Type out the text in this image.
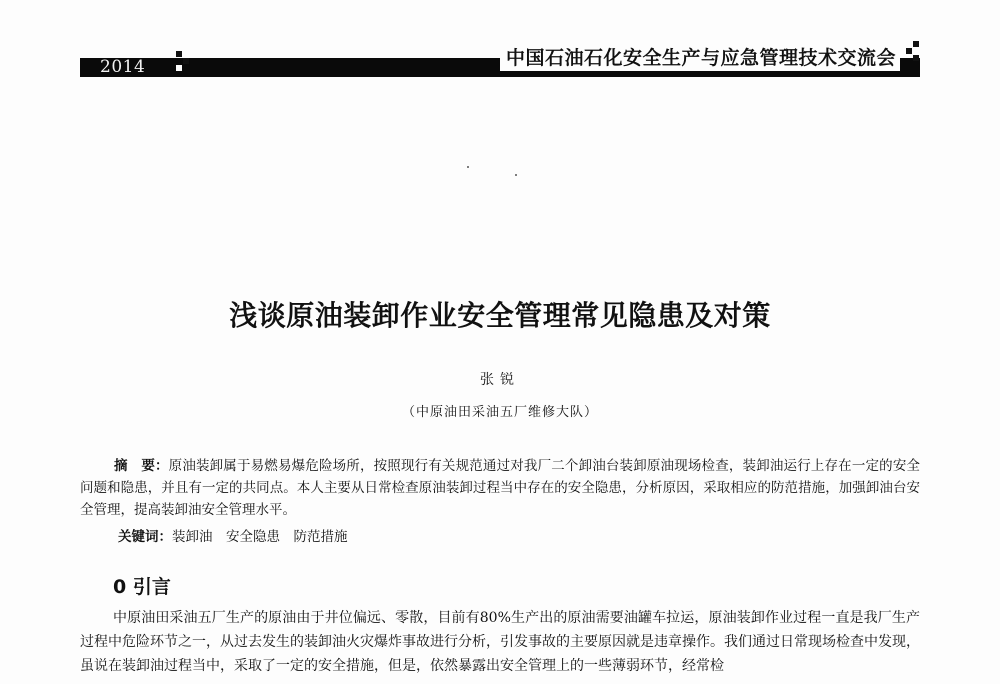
2014	中国石油石化安全生产与应急管理技术交流会
浅谈原油装卸作业安全管理常见隐患及对策
张锐
（中原油田采油五厂维修大队）

摘　要：原油装卸属于易燃易爆危险场所，按照现行有关规范通过对我厂二个卸油台装卸原油现场检查，装卸油运行上存在一定的安全问题和隐患，并且有一定的共同点。本人主要从日常检查原油装卸过程当中存在的安全隐患，分析原因，采取相应的防范措施，加强卸油台安全管理，提高装卸油安全管理水平。

关键词：装卸油　安全隐患　防范措施
0 引言

中原油田采油五厂生产的原油由于井位偏远、零散，目前有80%生产出的原油需要油罐车拉运，原油装卸作业过程一直是我厂生产过程中危险环节之一，从过去发生的装卸油火灾爆炸事故进行分析，引发事故的主要原因就是违章操作。我们通过日常现场检查中发现，虽说在装卸油过程当中，采取了一定的安全措施，但是，依然暴露出安全管理上的一些薄弱环节，经常检
